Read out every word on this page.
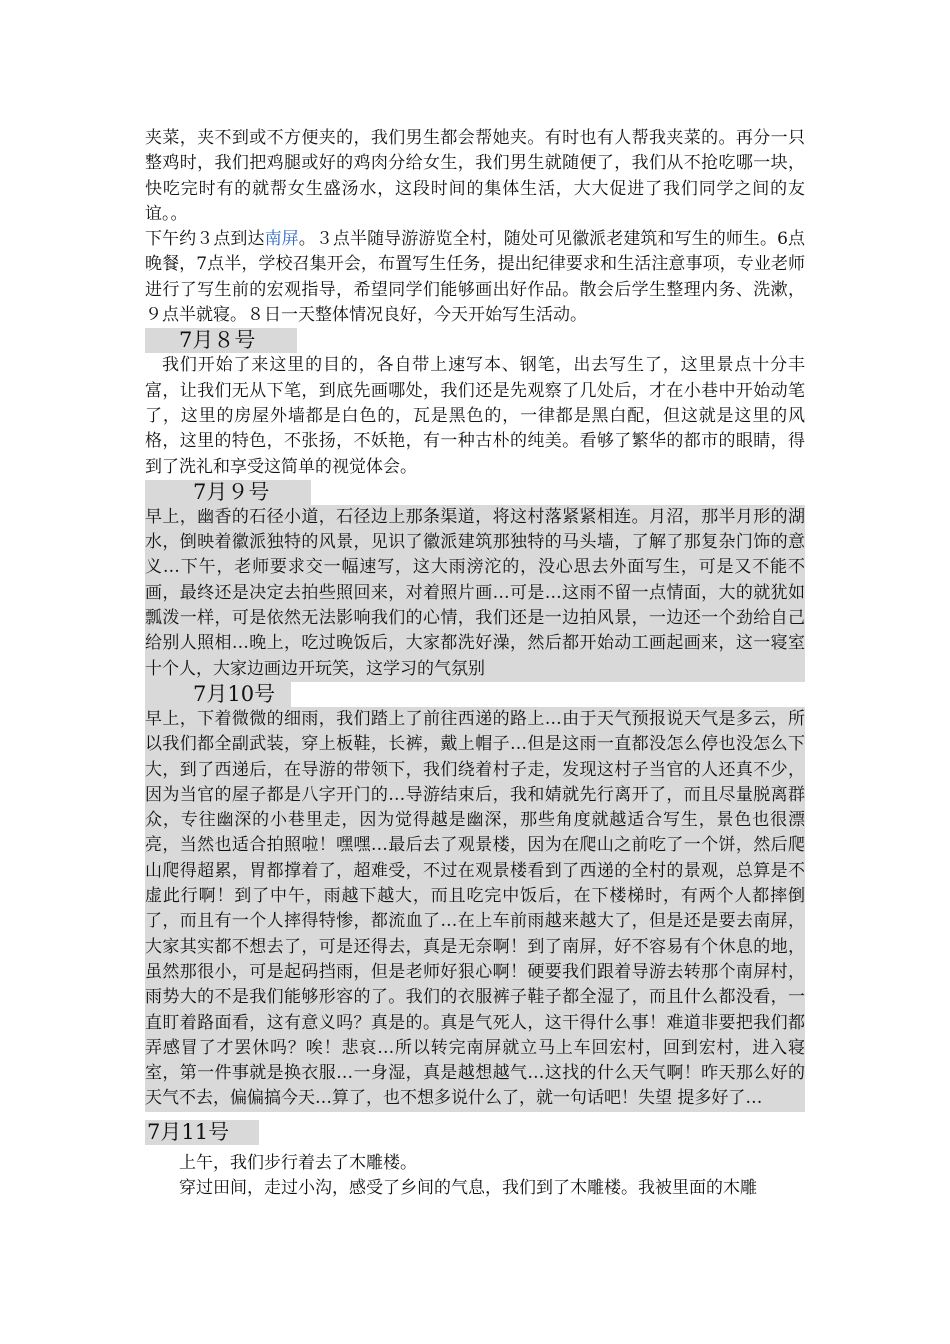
夹菜，夹不到或不方便夹的，我们男生都会帮她夹。有时也有人帮我夹菜的。再分一只整鸡时，我们把鸡腿或好的鸡肉分给女生，我们男生就随便了，我们从不抢吃哪一块，快吃完时有的就帮女生盛汤水，这段时间的集体生活，大大促进了我们同学之间的友谊。。

下午约３点到达南屏。３点半随导游游览全村，随处可见徽派老建筑和写生的师生。6点晚餐，7点半，学校召集开会，布置写生任务，提出纪律要求和生活注意事项，专业老师进行了写生前的宏观指导，希望同学们能够画出好作品。散会后学生整理内务、洗漱，９点半就寝。８日一天整体情况良好，今天开始写生活动。

7月８号

我们开始了来这里的目的，各自带上速写本、钢笔，出去写生了，这里景点十分丰富，让我们无从下笔，到底先画哪处，我们还是先观察了几处后，才在小巷中开始动笔了，这里的房屋外墙都是白色的，瓦是黑色的，一律都是黑白配，但这就是这里的风格，这里的特色，不张扬，不妖艳，有一种古朴的纯美。看够了繁华的都市的眼睛，得到了洗礼和享受这简单的视觉体会。

7月９号

早上，幽香的石径小道，石径边上那条渠道，将这村落紧紧相连。月沼，那半月形的湖水，倒映着徽派独特的风景，见识了徽派建筑那独特的马头墙，了解了那复杂门饰的意义…下午，老师要求交一幅速写，这大雨滂沱的，没心思去外面写生，可是又不能不画，最终还是决定去拍些照回来，对着照片画…可是…这雨不留一点情面，大的就犹如瓢泼一样，可是依然无法影响我们的心情，我们还是一边拍风景，一边还一个劲给自己给别人照相…晚上，吃过晚饭后，大家都洗好澡，然后都开始动工画起画来，这一寝室十个人，大家边画边开玩笑，这学习的气氛别

7月10号

早上，下着微微的细雨，我们踏上了前往西递的路上…由于天气预报说天气是多云，所以我们都全副武装，穿上板鞋，长裤，戴上帽子…但是这雨一直都没怎么停也没怎么下大，到了西递后，在导游的带领下，我们绕着村子走，发现这村子当官的人还真不少，因为当官的屋子都是八字开门的…导游结束后，我和婧就先行离开了，而且尽量脱离群众，专往幽深的小巷里走，因为觉得越是幽深，那些角度就越适合写生，景色也很漂亮，当然也适合拍照啦！嘿嘿…最后去了观景楼，因为在爬山之前吃了一个饼，然后爬山爬得超累，胃都撑着了，超难受，不过在观景楼看到了西递的全村的景观，总算是不虚此行啊！到了中午，雨越下越大，而且吃完中饭后，在下楼梯时，有两个人都摔倒了，而且有一个人摔得特惨，都流血了…在上车前雨越来越大了，但是还是要去南屏，大家其实都不想去了，可是还得去，真是无奈啊！到了南屏，好不容易有个休息的地，虽然那很小，可是起码挡雨，但是老师好狠心啊！硬要我们跟着导游去转那个南屏村，雨势大的不是我们能够形容的了。我们的衣服裤子鞋子都全湿了，而且什么都没看，一直盯着路面看，这有意义吗？真是的。真是气死人，这干得什么事！难道非要把我们都弄感冒了才罢休吗？唉！悲哀…所以转完南屏就立马上车回宏村，回到宏村，进入寝室，第一件事就是换衣服…一身湿，真是越想越气…这找的什么天气啊！昨天那么好的天气不去，偏偏搞今天…算了，也不想多说什么了，就一句话吧！失望 提多好了…

7月11号

上午，我们步行着去了木雕楼。

穿过田间，走过小沟，感受了乡间的气息，我们到了木雕楼。我被里面的木雕
